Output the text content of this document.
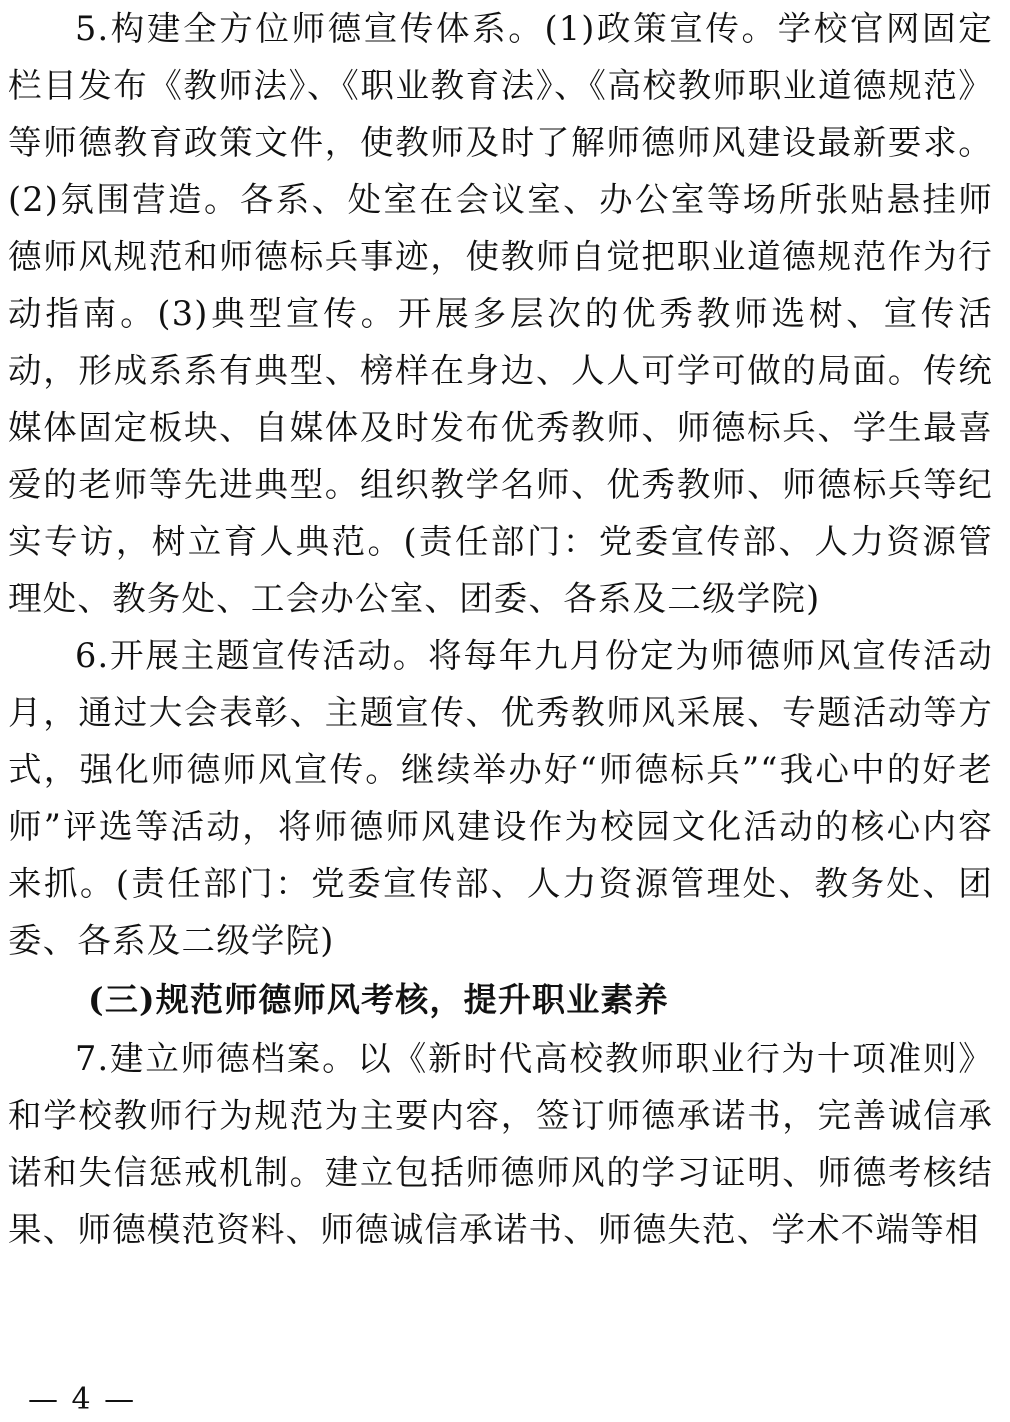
5.构建全方位师德宣传体系。(1)政策宣传。学校官网固定栏目发布《教师法》、《职业教育法》、《高校教师职业道德规范》等师德教育政策文件，使教师及时了解师德师风建设最新要求。(2)氛围营造。各系、处室在会议室、办公室等场所张贴悬挂师德师风规范和师德标兵事迹，使教师自觉把职业道德规范作为行动指南。(3)典型宣传。开展多层次的优秀教师选树、宣传活动，形成系系有典型、榜样在身边、人人可学可做的局面。传统媒体固定板块、自媒体及时发布优秀教师、师德标兵、学生最喜爱的老师等先进典型。组织教学名师、优秀教师、师德标兵等纪实专访，树立育人典范。(责任部门：党委宣传部、人力资源管理处、教务处、工会办公室、团委、各系及二级学院)

6.开展主题宣传活动。将每年九月份定为师德师风宣传活动月，通过大会表彰、主题宣传、优秀教师风采展、专题活动等方式，强化师德师风宣传。继续举办好“师德标兵”“我心中的好老师”评选等活动，将师德师风建设作为校园文化活动的核心内容来抓。(责任部门：党委宣传部、人力资源管理处、教务处、团委、各系及二级学院)

(三)规范师德师风考核，提升职业素养

7.建立师德档案。以《新时代高校教师职业行为十项准则》和学校教师行为规范为主要内容，签订师德承诺书，完善诚信承诺和失信惩戒机制。建立包括师德师风的学习证明、师德考核结果、师德模范资料、师德诚信承诺书、师德失范、学术不端等相

— 4 —
